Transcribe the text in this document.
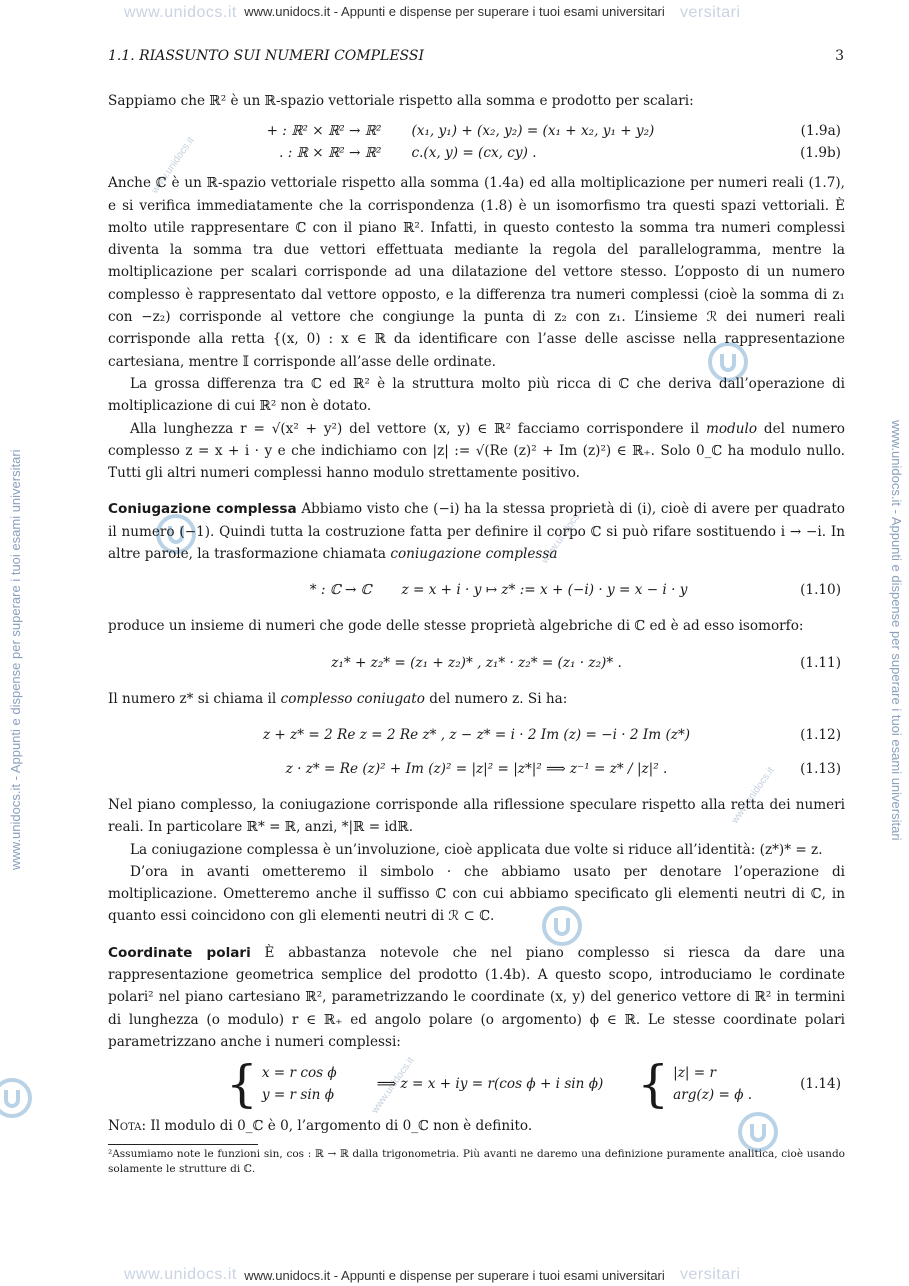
www.unidocs.it	versitari
www.unidocs.it - Appunti e dispense per superare i tuoi esami universitari
www.unidocs.it	versitari
www.unidocs.it - Appunti e dispense per superare i tuoi esami universitari
www.unidocs.it - Appunti e dispense per superare i tuoi esami universitari	www.unidocs.it - Appunti e dispense per superare i tuoi esami universitari
www.unidocs.it
www.unidocs.it
www.unidocs.it
www.unidocs.it
1.1. RIASSUNTO SUI NUMERI COMPLESSI	3

Sappiamo che ℝ² è un ℝ-spazio vettoriale rispetto alla somma e prodotto per scalari:

+ : ℝ² × ℝ² → ℝ² (x₁, y₁) + (x₂, y₂) = (x₁ + x₂, y₁ + y₂)	(1.9a)
. : ℝ × ℝ² → ℝ² c.(x, y) = (cx, cy) .	(1.9b)

Anche ℂ è un ℝ-spazio vettoriale rispetto alla somma (1.4a) ed alla moltiplicazione per numeri reali (1.7), e si verifica immediatamente che la corrispondenza (1.8) è un isomorfismo tra questi spazi vettoriali. È molto utile rappresentare ℂ con il piano ℝ². Infatti, in questo contesto la somma tra numeri complessi diventa la somma tra due vettori effettuata mediante la regola del parallelogramma, mentre la moltiplicazione per scalari corrisponde ad una dilatazione del vettore stesso. L’opposto di un numero complesso è rappresentato dal vettore opposto, e la differenza tra numeri complessi (cioè la somma di z₁ con −z₂) corrisponde al vettore che congiunge la punta di z₂ con z₁. L’insieme ℛ dei numeri reali corrisponde alla retta {(x, 0) : x ∈ ℝ da identificare con l’asse delle ascisse nella rappresentazione cartesiana, mentre 𝕀 corrisponde all’asse delle ordinate.

La grossa differenza tra ℂ ed ℝ² è la struttura molto più ricca di ℂ che deriva dall’operazione di moltiplicazione di cui ℝ² non è dotato.

Alla lunghezza r = √(x² + y²) del vettore (x, y) ∈ ℝ² facciamo corrispondere il modulo del numero complesso z = x + i · y e che indichiamo con |z| := √(Re (z)² + Im (z)²) ∈ ℝ₊. Solo 0_ℂ ha modulo nullo. Tutti gli altri numeri complessi hanno modulo strettamente positivo.

Coniugazione complessa Abbiamo visto che (−i) ha la stessa proprietà di (i), cioè di avere per quadrato il numero (−1). Quindi tutta la costruzione fatta per definire il corpo ℂ si può rifare sostituendo i → −i. In altre parole, la trasformazione chiamata coniugazione complessa

* : ℂ → ℂ z = x + i · y ↦ z* := x + (−i) · y = x − i · y	(1.10)

produce un insieme di numeri che gode delle stesse proprietà algebriche di ℂ ed è ad esso isomorfo:

z₁* + z₂* = (z₁ + z₂)* , z₁* · z₂* = (z₁ · z₂)* .	(1.11)

Il numero z* si chiama il complesso coniugato del numero z. Si ha:

z + z* = 2 Re z = 2 Re z* , z − z* = i · 2 Im (z) = −i · 2 Im (z*)	(1.12)
z · z* = Re (z)² + Im (z)² = |z|² = |z*|² ⟹ z⁻¹ = z* / |z|² .	(1.13)

Nel piano complesso, la coniugazione corrisponde alla riflessione speculare rispetto alla retta dei numeri reali. In particolare ℝ* = ℝ, anzi, *|ℝ = idℝ.

La coniugazione complessa è un’involuzione, cioè applicata due volte si riduce all’identità: (z*)* = z.

D’ora in avanti ometteremo il simbolo · che abbiamo usato per denotare l’operazione di moltiplicazione. Ometteremo anche il suffisso ℂ con cui abbiamo specificato gli elementi neutri di ℂ, in quanto essi coincidono con gli elementi neutri di ℛ ⊂ ℂ.

Coordinate polari È abbastanza notevole che nel piano complesso si riesca da dare una rappresentazione geometrica semplice del prodotto (1.4b). A questo scopo, introduciamo le cordinate polari² nel piano cartesiano ℝ², parametrizzando le coordinate (x, y) del generico vettore di ℝ² in termini di lunghezza (o modulo) r ∈ ℝ₊ ed angolo polare (o argomento) ϕ ∈ ℝ. Le stesse coordinate polari parametrizzano anche i numeri complessi:

{ x = r cos ϕ
y = r sin ϕ
⟹ z = x + iy = r(cos ϕ + i sin ϕ) { |z| = r
arg(z) = ϕ .
(1.14)

Nota: Il modulo di 0_ℂ è 0, l’argomento di 0_ℂ non è definito.

²Assumiamo note le funzioni sin, cos : ℝ → ℝ dalla trigonometria. Più avanti ne daremo una definizione puramente analitica, cioè usando solamente le strutture di ℂ.
